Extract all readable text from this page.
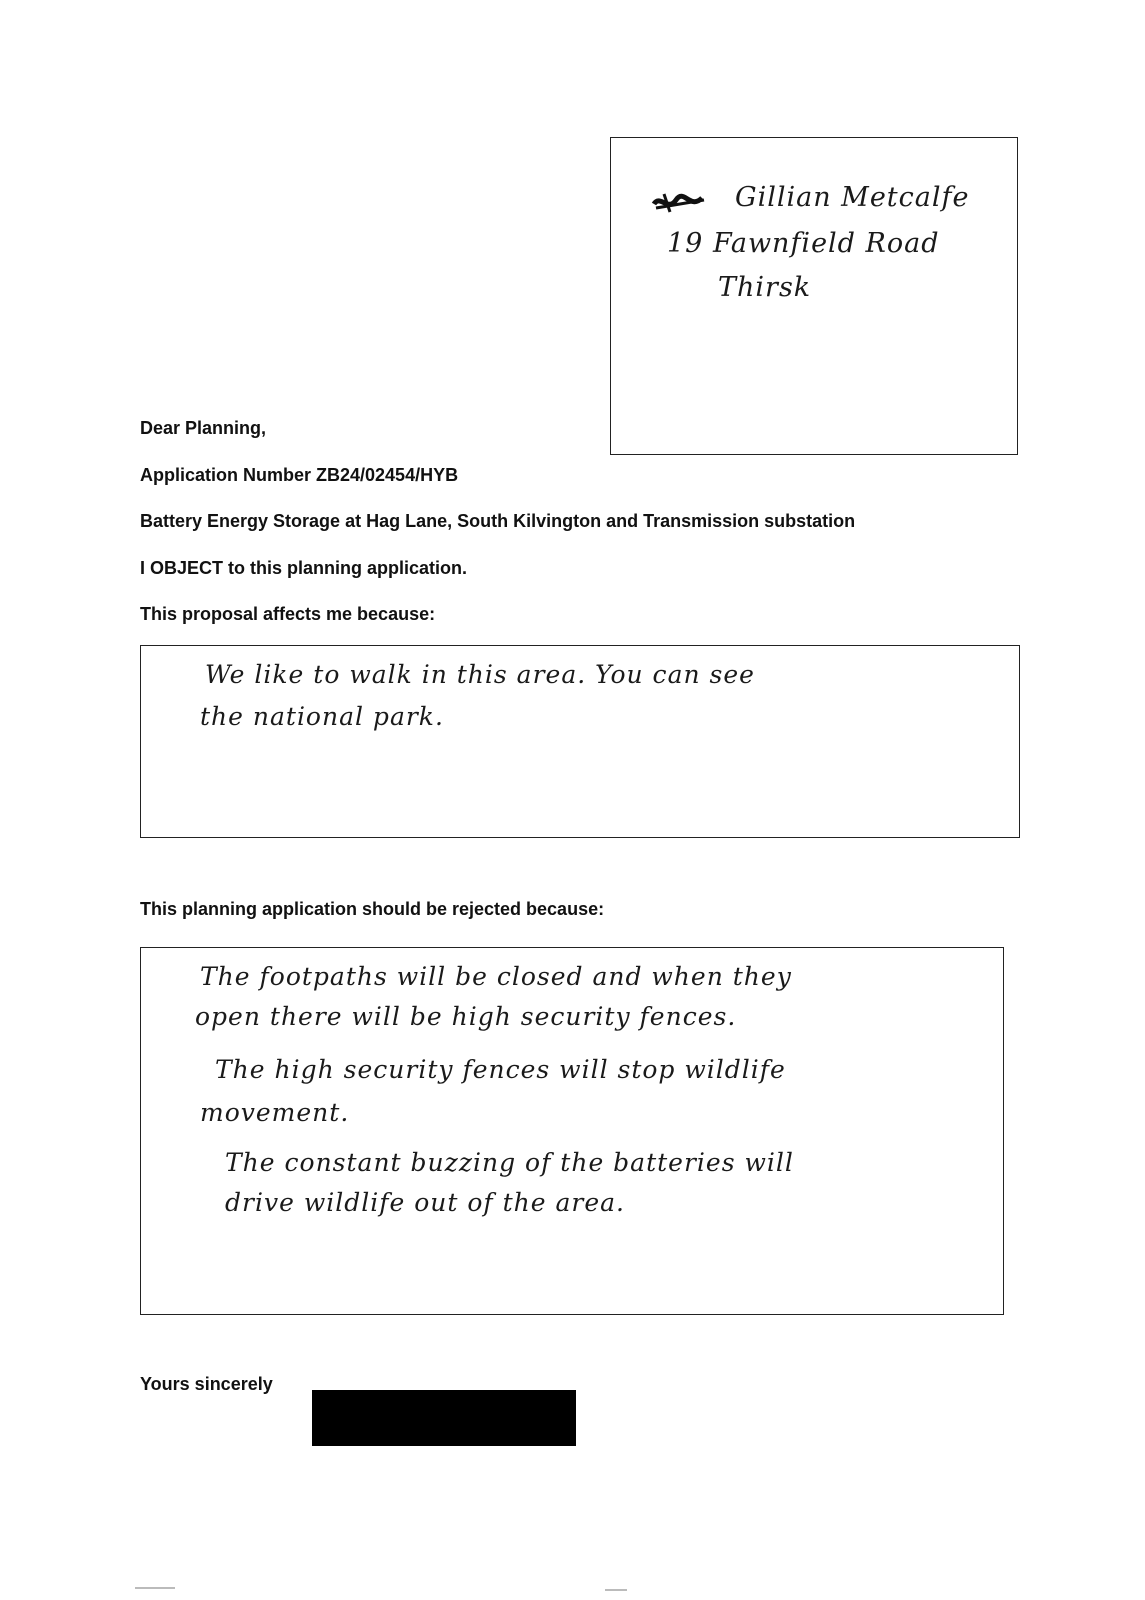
Gillian Metcalfe
19 Fawnfield Road
Thirsk
Dear Planning,
Application Number ZB24/02454/HYB
Battery Energy Storage at Hag Lane, South Kilvington and Transmission substation
I OBJECT to this planning application.
This proposal affects me because:
We like to walk in this area. You can see
the national park.
This planning application should be rejected because:
The footpaths will be closed and when they
open there will be high security fences.
The high security fences will stop wildlife
movement.
The constant buzzing of the batteries will
drive wildlife out of the area.
Yours sincerely
